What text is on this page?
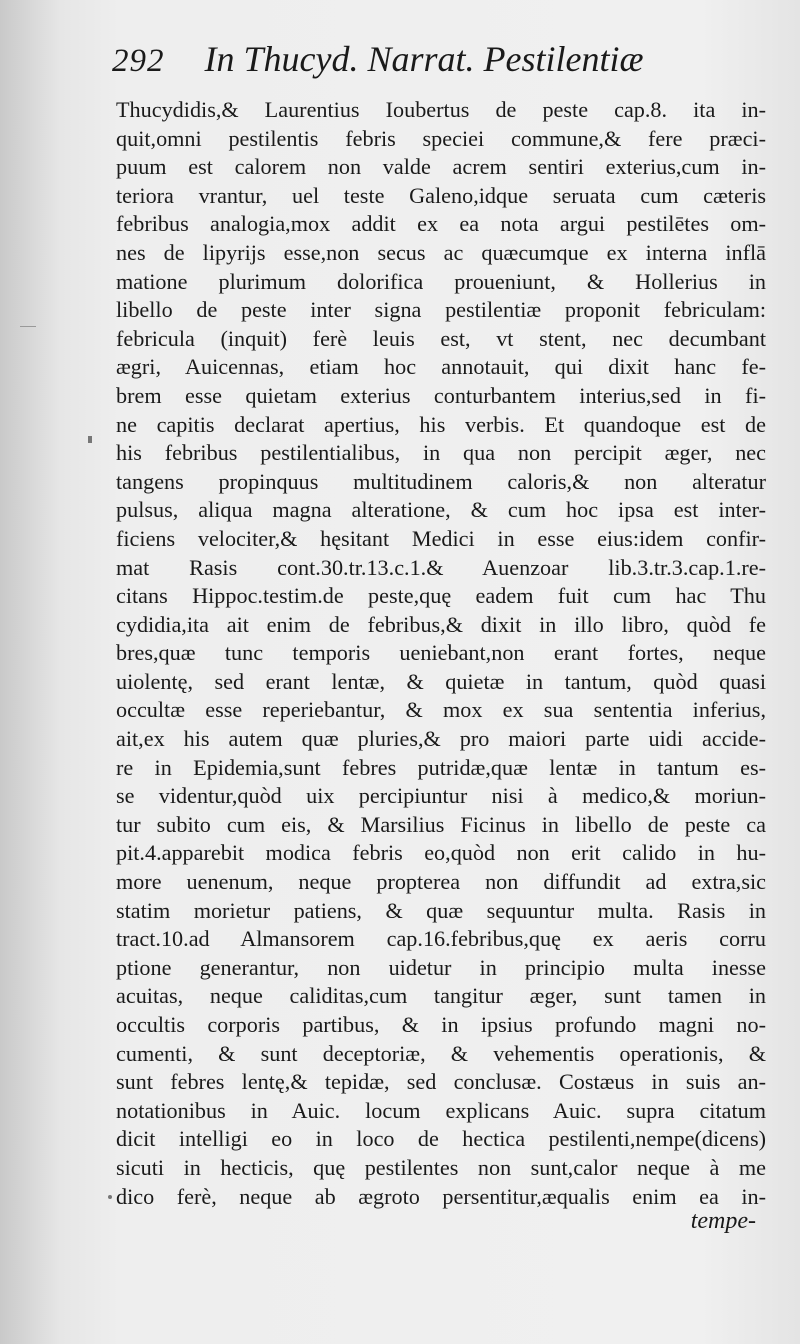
292 In Thucyd. Narrat. Pestilentiæ
Thucydidis,& Laurentius Ioubertus de peste cap.8. ita in-
quit,omni pestilentis febris speciei commune,& fere præci-
puum est calorem non valde acrem sentiri exterius,cum in-
teriora vrantur, uel teste Galeno,idque seruata cum cæteris
febribus analogia,mox addit ex ea nota argui pestilētes om-
nes de lipyrijs esse,non secus ac quæcumque ex interna inflā
matione plurimum dolorifica proueniunt, & Hollerius in
libello de peste inter signa pestilentiæ proponit febriculam:
febricula (inquit) ferè leuis est, vt stent, nec decumbant
ægri, Auicennas, etiam hoc annotauit, qui dixit hanc fe-
brem esse quietam exterius conturbantem interius,sed in fi-
ne capitis declarat apertius, his verbis. Et quandoque est de
his febribus pestilentialibus, in qua non percipit æger, nec
tangens propinquus multitudinem caloris,& non alteratur
pulsus, aliqua magna alteratione, & cum hoc ipsa est inter-
ficiens velociter,& hęsitant Medici in esse eius:idem confir-
mat Rasis cont.30.tr.13.c.1.& Auenzoar lib.3.tr.3.cap.1.re-
citans Hippoc.testim.de peste,quę eadem fuit cum hac Thu
cydidia,ita ait enim de febribus,& dixit in illo libro, quòd fe
bres,quæ tunc temporis ueniebant,non erant fortes, neque
uiolentę, sed erant lentæ, & quietæ in tantum, quòd quasi
occultæ esse reperiebantur, & mox ex sua sententia inferius,
ait,ex his autem quæ pluries,& pro maiori parte uidi accide-
re in Epidemia,sunt febres putridæ,quæ lentæ in tantum es-
se videntur,quòd uix percipiuntur nisi à medico,& moriun-
tur subito cum eis, & Marsilius Ficinus in libello de peste ca
pit.4.apparebit modica febris eo,quòd non erit calido in hu-
more uenenum, neque propterea non diffundit ad extra,sic
statim morietur patiens, & quæ sequuntur multa. Rasis in
tract.10.ad Almansorem cap.16.febribus,quę ex aeris corru
ptione generantur, non uidetur in principio multa inesse
acuitas, neque caliditas,cum tangitur æger, sunt tamen in
occultis corporis partibus, & in ipsius profundo magni no-
cumenti, & sunt deceptoriæ, & vehementis operationis, &
sunt febres lentę,& tepidæ, sed conclusæ. Costæus in suis an-
notationibus in Auic. locum explicans Auic. supra citatum
dicit intelligi eo in loco de hectica pestilenti,nempe(dicens)
sicuti in hecticis, quę pestilentes non sunt,calor neque à me
dico ferè, neque ab ægroto persentitur,æqualis enim ea in-
tempe-
